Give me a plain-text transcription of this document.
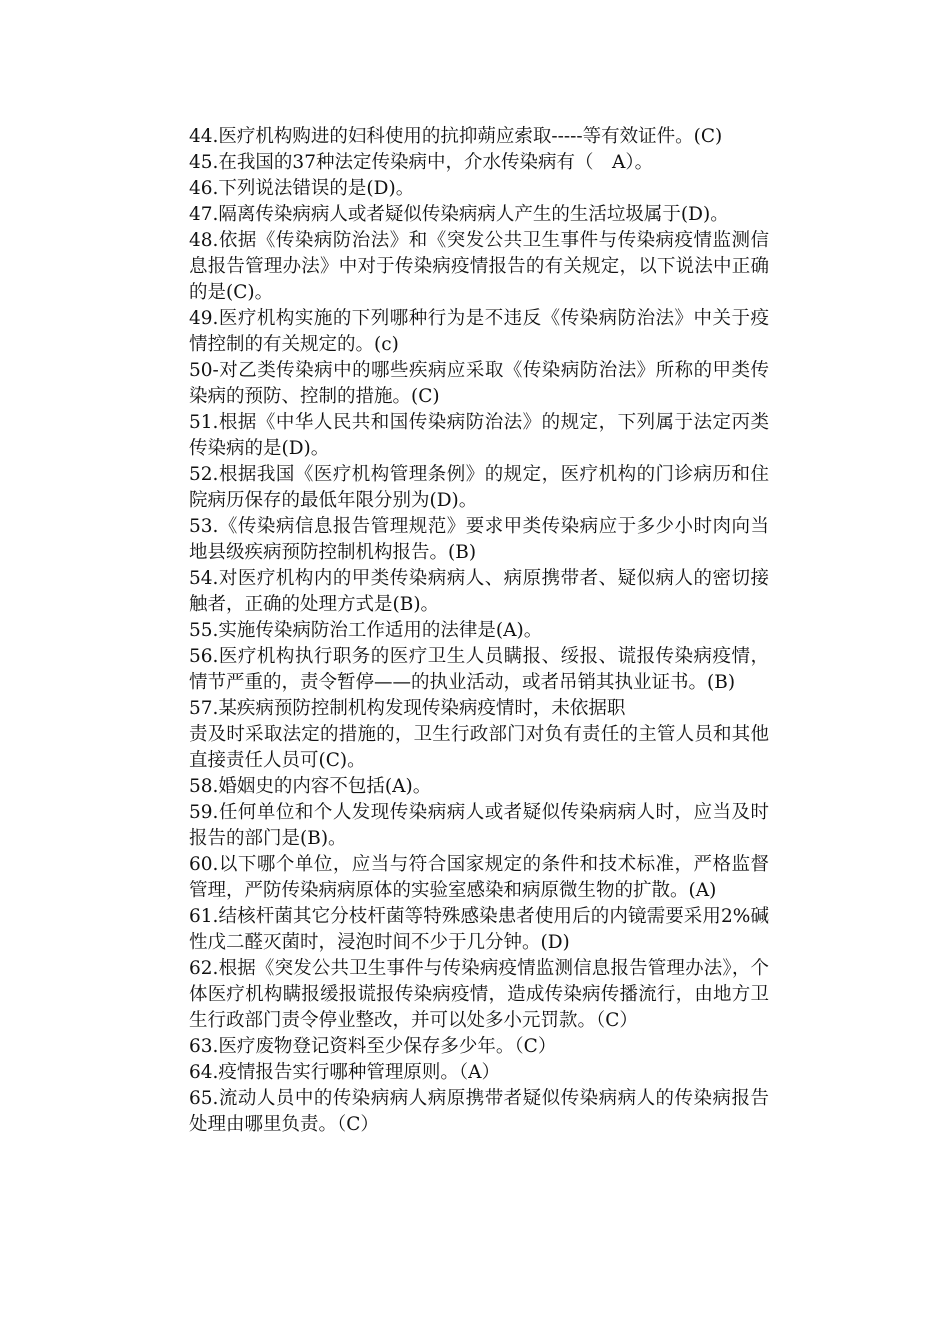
44.医疗机构购进的妇科使用的抗抑蒴应索取-----等有效证件。(C)

45.在我国的37种法定传染病中，介水传染病有（　A）。

46.下列说法错误的是(D)。

47.隔离传染病病人或者疑似传染病病人产生的生活垃圾属于(D)。

48.依据《传染病防治法》和《突发公共卫生事件与传染病疫情监测信息报告管理办法》中对于传染病疫情报告的有关规定，以下说法中正确的是(C)。

49.医疗机构实施的下列哪种行为是不违反《传染病防治法》中关于疫情控制的有关规定的。(c)

50-对乙类传染病中的哪些疾病应采取《传染病防治法》所称的甲类传染病的预防、控制的措施。(C)

51.根据《中华人民共和国传染病防治法》的规定，下列属于法定丙类传染病的是(D)。

52.根据我国《医疗机构管理条例》的规定，医疗机构的门诊病历和住院病历保存的最低年限分别为(D)。

53.《传染病信息报告管理规范》要求甲类传染病应于多少小时肉向当地县级疾病预防控制机构报告。(B)

54.对医疗机构内的甲类传染病病人、病原携带者、疑似病人的密切接触者，正确的处理方式是(B)。

55.实施传染病防治工作适用的法律是(A)。

56.医疗机构执行职务的医疗卫生人员瞒报、绥报、谎报传染病疫情，情节严重的，责令暂停——的执业活动，或者吊销其执业证书。(B)

57.某疾病预防控制机构发现传染病疫情时，未依据职
责及时采取法定的措施的，卫生行政部门对负有责任的主管人员和其他直接责任人员可(C)。

58.婚姻史的内容不包括(A)。

59.任何单位和个人发现传染病病人或者疑似传染病病人时，应当及时报告的部门是(B)。

60.以下哪个单位，应当与符合国家规定的条件和技术标准，严格监督管理，严防传染病病原体的实验室感染和病原微生物的扩散。(A)

61.结核杆菌其它分枝杆菌等特殊感染患者使用后的内镜需要采用2%碱性戊二醛灭菌时，浸泡时间不少于几分钟。(D)

62.根据《突发公共卫生事件与传染病疫情监测信息报告管理办法》，个体医疗机构瞒报缓报谎报传染病疫情，造成传染病传播流行，由地方卫生行政部门责令停业整改，并可以处多小元罚款。（C）

63.医疗废物登记资料至少保存多少年。（C）

64.疫情报告实行哪种管理原则。（A）

65.流动人员中的传染病病人病原携带者疑似传染病病人的传染病报告处理由哪里负责。（C）
